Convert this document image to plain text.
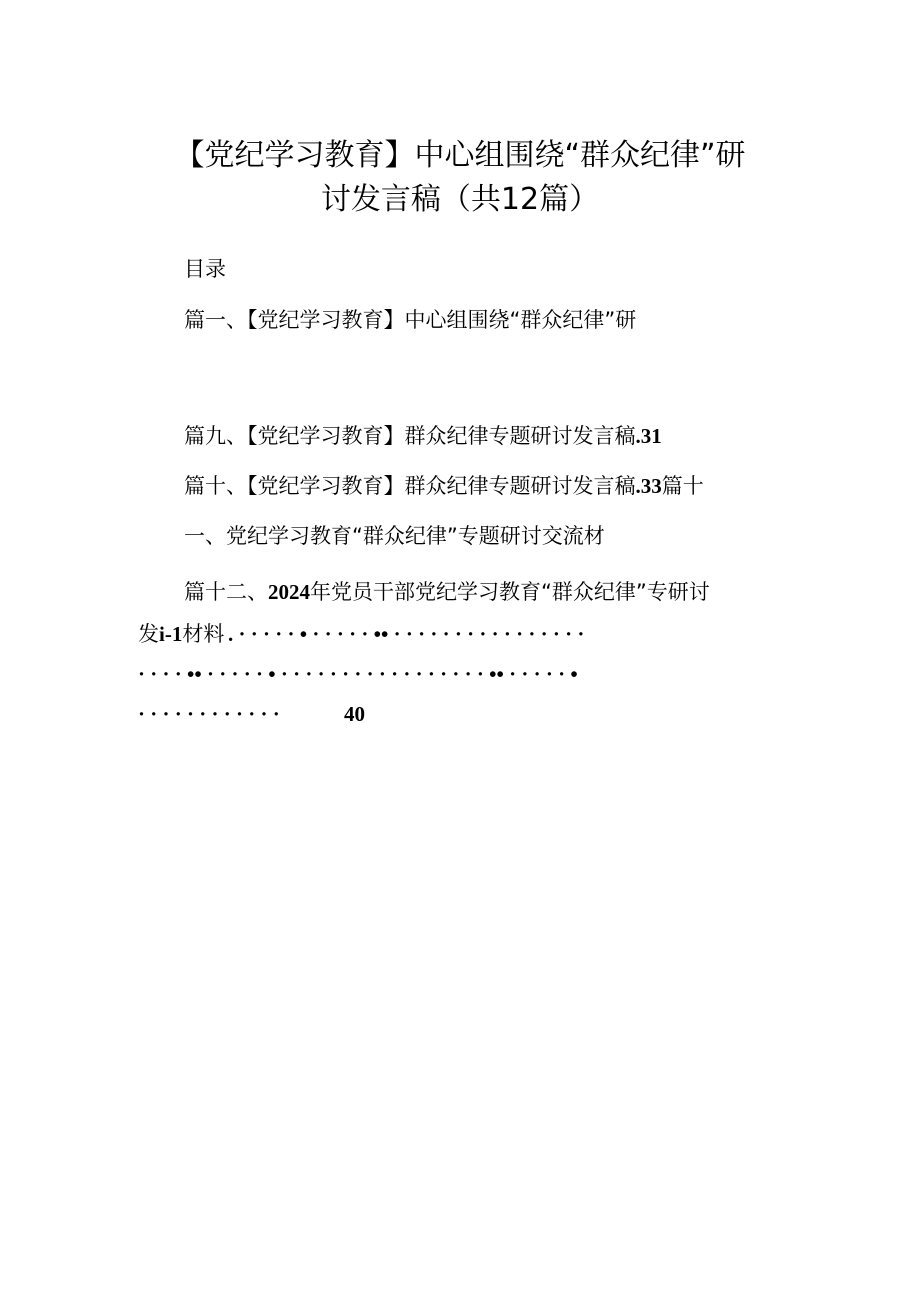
【党纪学习教育】中心组围绕“群众纪律”研
讨发言稿（共12篇）

目录

篇一、【党纪学习教育】中心组围绕“群众纪律”研

篇九、【党纪学习教育】群众纪律专题研讨发言稿.31

篇十、【党纪学习教育】群众纪律专题研讨发言稿.33篇十

一、党纪学习教育“群众纪律”专题研讨交流材

篇十二、2024年党员干部党纪学习教育“群众纪律”专研讨

发i-1材料 . · · · · · • · · · · · •• · · · · · · · · · · · · · · · ·
· · · · •• · · · · · • · · · · · · · · · · · · · · · · · •• · · · · · •
· · · · · · · · · · · ·	40
